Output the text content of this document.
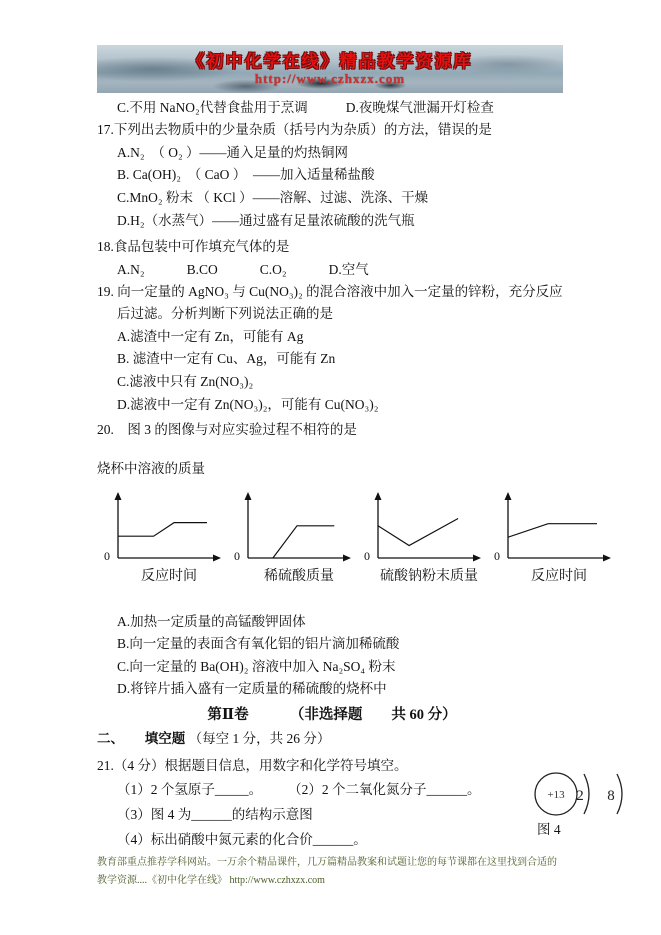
《初中化学在线》精品教学资源库
http://www.czhxzx.com
C.不用 NaNO₂代替食盐用于烹调	D.夜晚煤气泄漏开灯检查
17.下列出去物质中的少量杂质（括号内为杂质）的方法，错误的是
A.N₂　（ O₂ ）——通入足量的灼热铜网
B. Ca(OH)₂　（ CaO ）　——加入适量稀盐酸
C.MnO₂ 粉末 （ KCl ）——溶解、过滤、洗涤、干燥
D.H₂（水蒸气）——通过盛有足量浓硫酸的洗气瓶
18.食品包装中可作填充气体的是
A.N₂	B.CO	C.O₂	D.空气
19. 向一定量的 AgNO₃ 与 Cu(NO₃)₂ 的混合溶液中加入一定量的锌粉，充分反应
后过滤。分析判断下列说法正确的是
A.滤渣中一定有 Zn，可能有 Ag
B. 滤渣中一定有 Cu、Ag，可能有 Zn
C.滤液中只有 Zn(NO₃)₂
D.滤液中一定有 Zn(NO₃)₂，可能有 Cu(NO₃)₂
20.　图 3 的图像与对应实验过程不相符的是
烧杯中溶液的质量
0
反应时间
0
稀硫酸质量
0
硫酸钠粉末质量
0
反应时间
A.加热一定质量的高锰酸钾固体
B.向一定量的表面含有氧化铝的铝片滴加稀硫酸
C.向一定量的 Ba(OH)₂ 溶液中加入 Na₂SO₄ 粉末
D.将锌片插入盛有一定质量的稀硫酸的烧杯中
第Ⅱ卷	（非选择题　　共 60 分）
二、 填空题 （每空 1 分，共 26 分）
21.（4 分）根据题目信息，用数字和化学符号填空。
（1）2 个氢原子_____。 （2）2 个二氧化氮分子______。
（3）图 4 为______的结构示意图
（4）标出硝酸中氮元素的化合价______。
教育部重点推荐学科网站。一万余个精品课件，几万篇精品教案和试题让您的每节课都在这里找到合适的
教学资源....《初中化学在线》 http://www.czhxzx.com
+13 2 8
图 4
